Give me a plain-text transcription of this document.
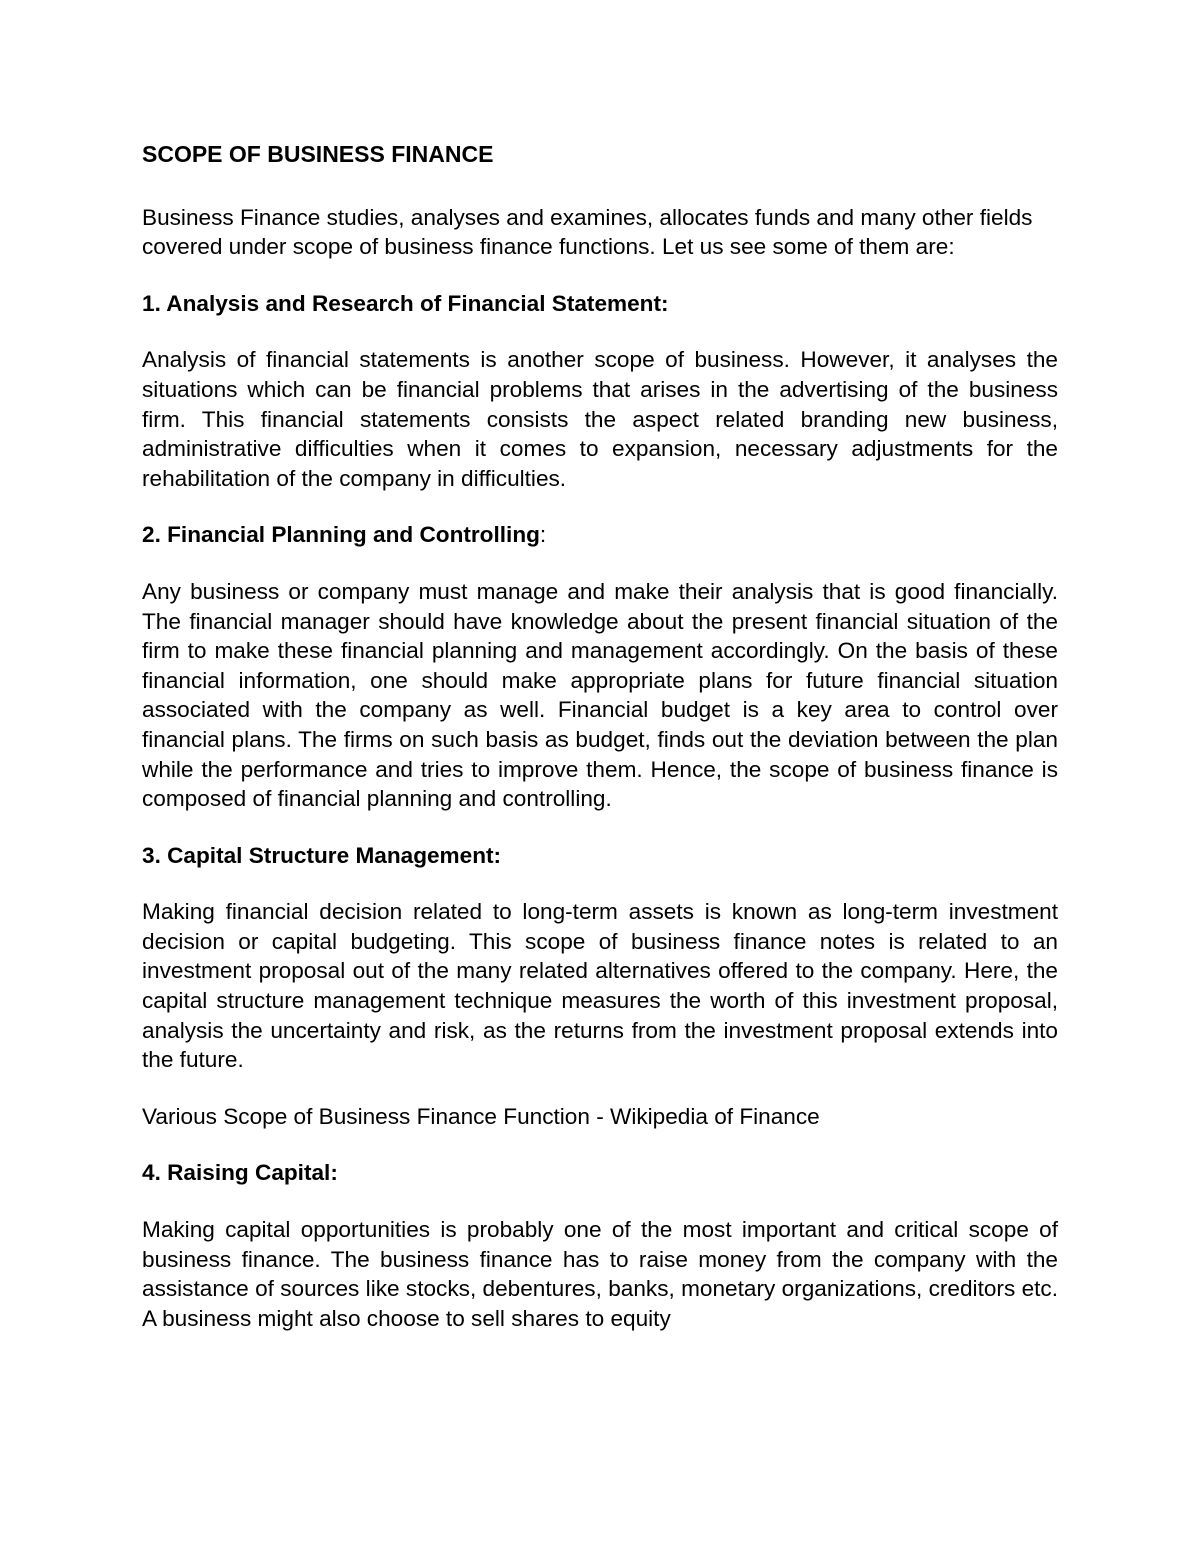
SCOPE OF BUSINESS FINANCE
Business Finance studies, analyses and examines, allocates funds and many other fields covered under scope of business finance functions. Let us see some of them are:
1. Analysis and Research of Financial Statement:
Analysis of financial statements is another scope of business. However, it analyses the situations which can be financial problems that arises in the advertising of the business firm. This financial statements consists the aspect related branding new business, administrative difficulties when it comes to expansion, necessary adjustments for the rehabilitation of the company in difficulties.
2. Financial Planning and Controlling:
Any business or company must manage and make their analysis that is good financially. The financial manager should have knowledge about the present financial situation of the firm to make these financial planning and management accordingly. On the basis of these financial information, one should make appropriate plans for future financial situation associated with the company as well. Financial budget is a key area to control over financial plans. The firms on such basis as budget, finds out the deviation between the plan while the performance and tries to improve them. Hence, the scope of business finance is composed of financial planning and controlling.
3. Capital Structure Management:
Making financial decision related to long-term assets is known as long-term investment decision or capital budgeting. This scope of business finance notes is related to an investment proposal out of the many related alternatives offered to the company. Here, the capital structure management technique measures the worth of this investment proposal, analysis the uncertainty and risk, as the returns from the investment proposal extends into the future.
Various Scope of Business Finance Function - Wikipedia of Finance
4. Raising Capital:
Making capital opportunities is probably one of the most important and critical scope of business finance. The business finance has to raise money from the company with the assistance of sources like stocks, debentures, banks, monetary organizations, creditors etc. A business might also choose to sell shares to equity
